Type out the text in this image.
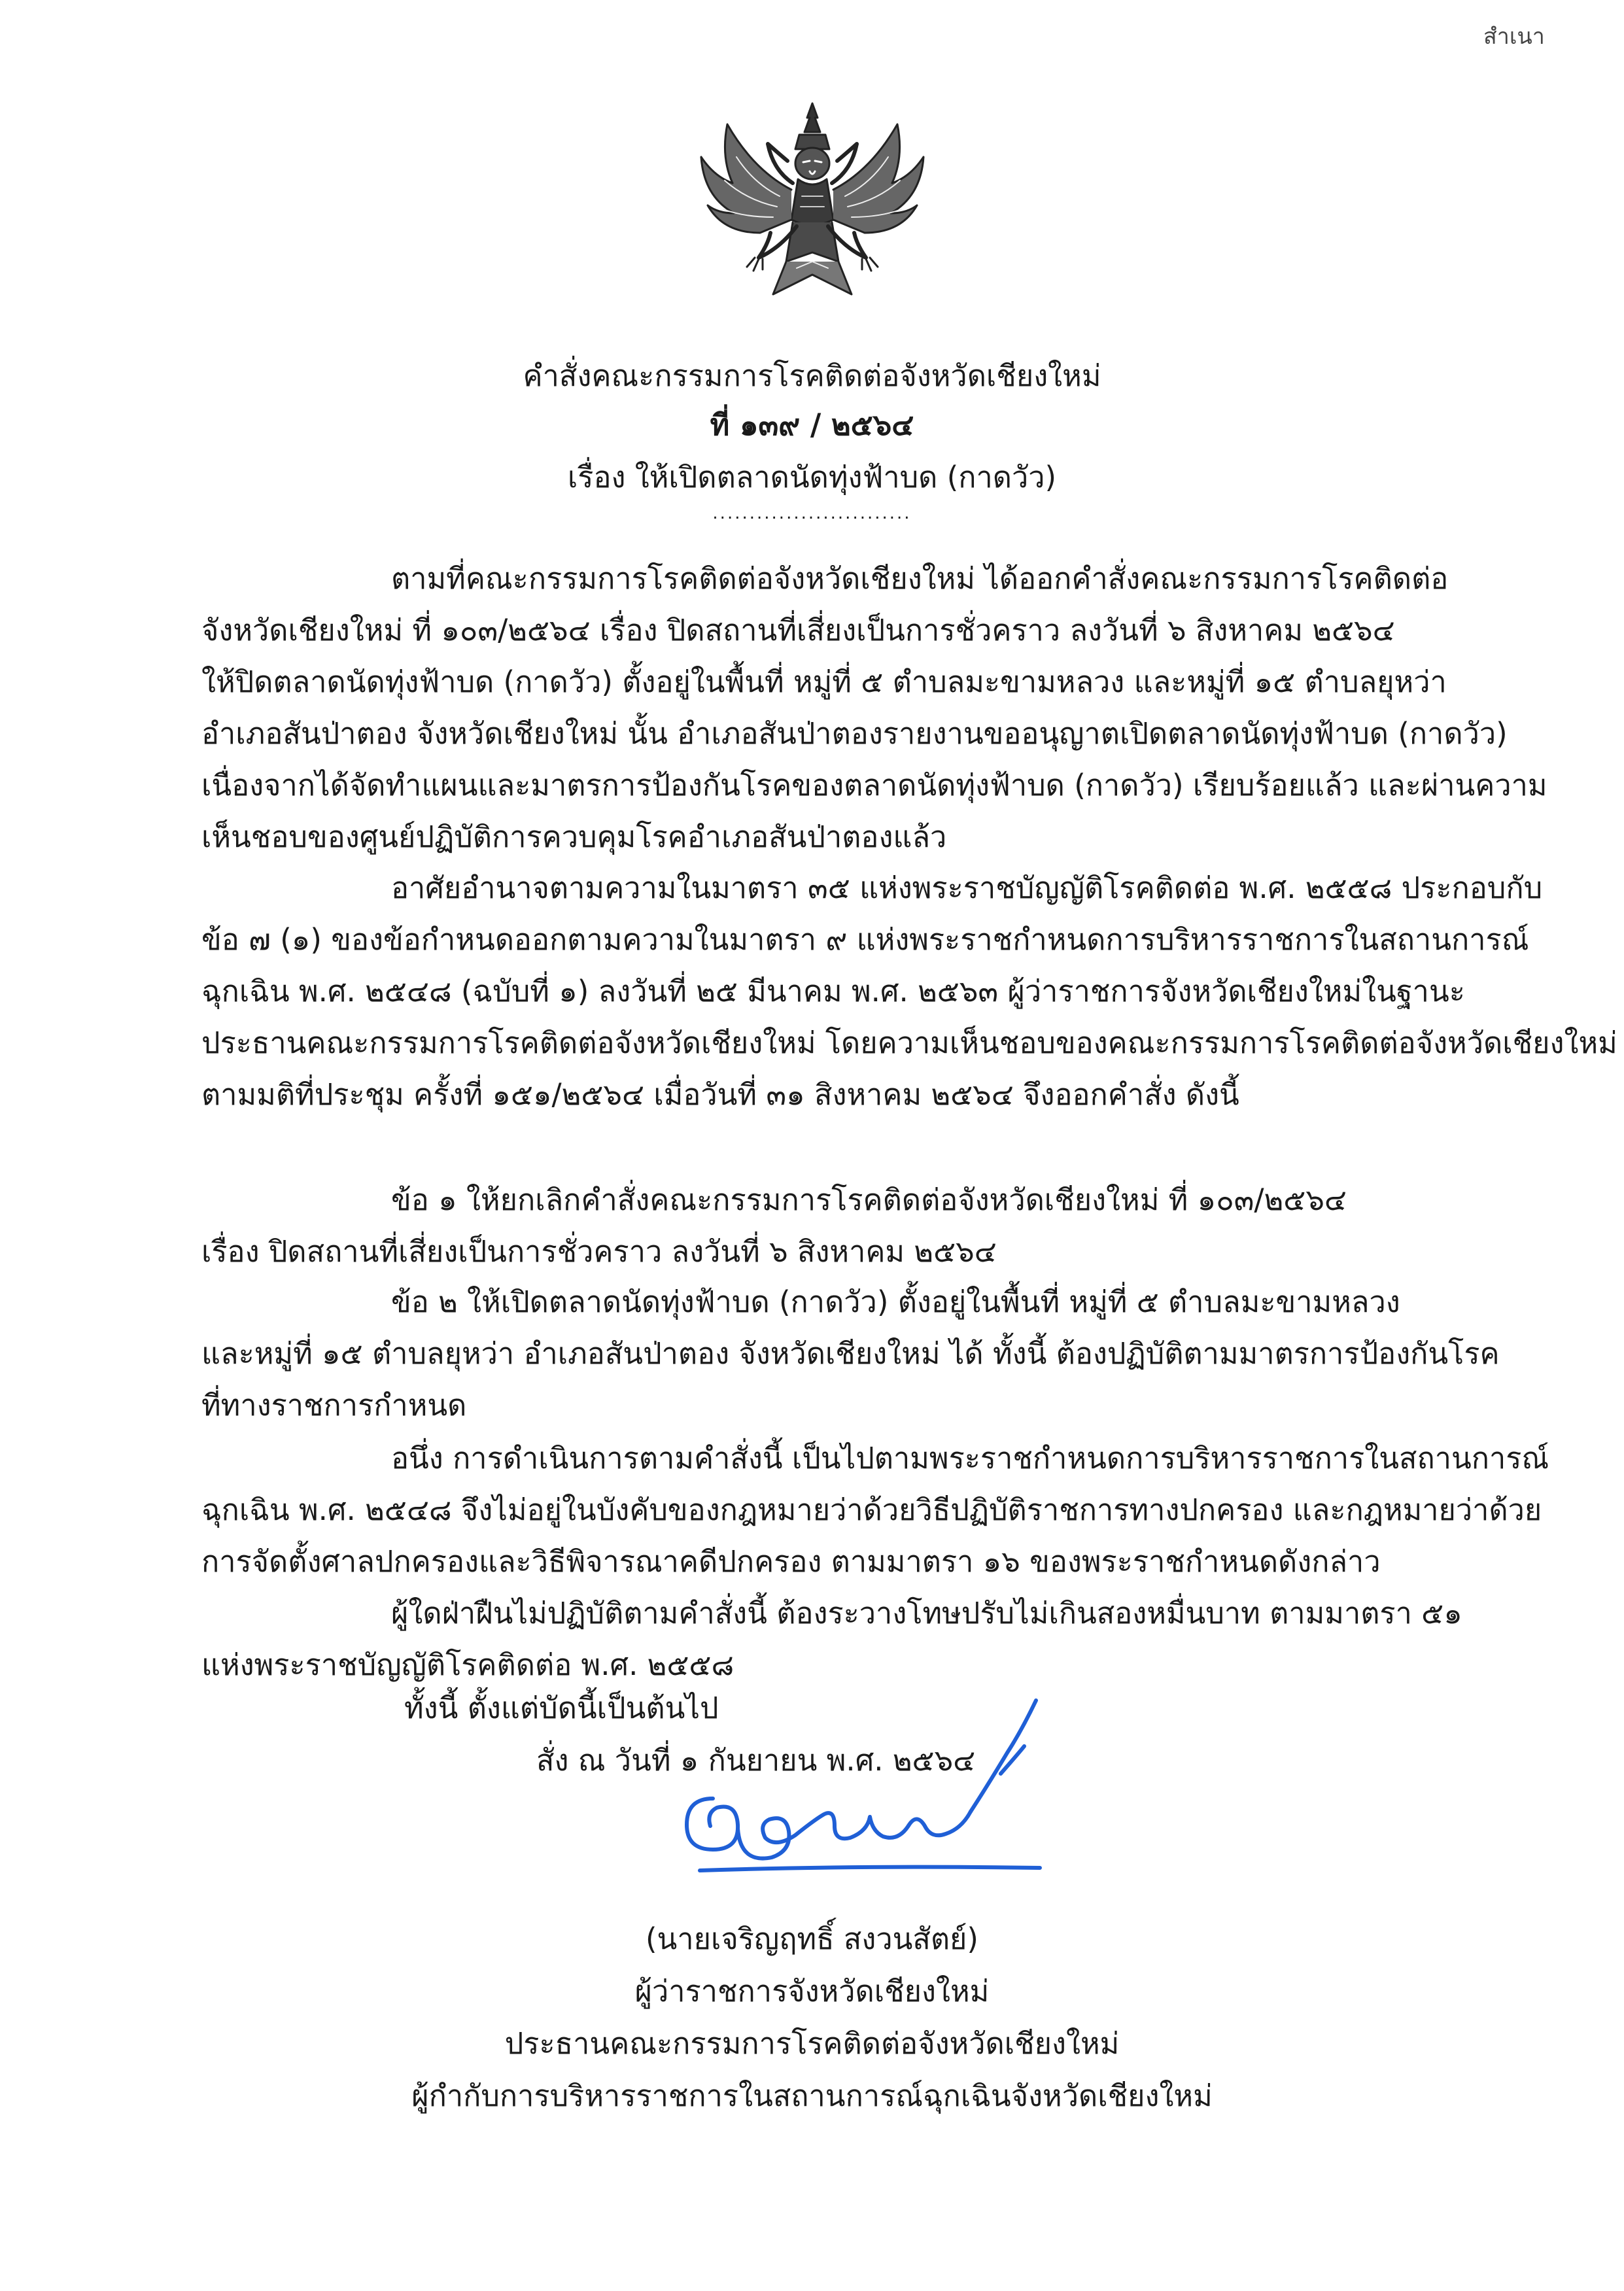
สำเนา
คำสั่งคณะกรรมการโรคติดต่อจังหวัดเชียงใหม่
ที่ ๑๓๙ / ๒๕๖๔
เรื่อง ให้เปิดตลาดนัดทุ่งฟ้าบด (กาดวัว)
...........................
ตามที่คณะกรรมการโรคติดต่อจังหวัดเชียงใหม่ ได้ออกคำสั่งคณะกรรมการโรคติดต่อ
จังหวัดเชียงใหม่ ที่ ๑๐๓/๒๕๖๔ เรื่อง ปิดสถานที่เสี่ยงเป็นการชั่วคราว ลงวันที่ ๖ สิงหาคม ๒๕๖๔
ให้ปิดตลาดนัดทุ่งฟ้าบด (กาดวัว) ตั้งอยู่ในพื้นที่ หมู่ที่ ๕ ตำบลมะขามหลวง และหมู่ที่ ๑๕ ตำบลยุหว่า
อำเภอสันป่าตอง จังหวัดเชียงใหม่ นั้น อำเภอสันป่าตองรายงานขออนุญาตเปิดตลาดนัดทุ่งฟ้าบด (กาดวัว)
เนื่องจากได้จัดทำแผนและมาตรการป้องกันโรคของตลาดนัดทุ่งฟ้าบด (กาดวัว) เรียบร้อยแล้ว และผ่านความ
เห็นชอบของศูนย์ปฏิบัติการควบคุมโรคอำเภอสันป่าตองแล้ว
อาศัยอำนาจตามความในมาตรา ๓๕ แห่งพระราชบัญญัติโรคติดต่อ พ.ศ. ๒๕๕๘ ประกอบกับ
ข้อ ๗ (๑) ของข้อกำหนดออกตามความในมาตรา ๙ แห่งพระราชกำหนดการบริหารราชการในสถานการณ์
ฉุกเฉิน พ.ศ. ๒๕๔๘ (ฉบับที่ ๑) ลงวันที่ ๒๕ มีนาคม พ.ศ. ๒๕๖๓ ผู้ว่าราชการจังหวัดเชียงใหม่ในฐานะ
ประธานคณะกรรมการโรคติดต่อจังหวัดเชียงใหม่ โดยความเห็นชอบของคณะกรรมการโรคติดต่อจังหวัดเชียงใหม่
ตามมติที่ประชุม ครั้งที่ ๑๕๑/๒๕๖๔ เมื่อวันที่ ๓๑ สิงหาคม ๒๕๖๔ จึงออกคำสั่ง ดังนี้
ข้อ ๑ ให้ยกเลิกคำสั่งคณะกรรมการโรคติดต่อจังหวัดเชียงใหม่ ที่ ๑๐๓/๒๕๖๔
เรื่อง ปิดสถานที่เสี่ยงเป็นการชั่วคราว ลงวันที่ ๖ สิงหาคม ๒๕๖๔
ข้อ ๒ ให้เปิดตลาดนัดทุ่งฟ้าบด (กาดวัว) ตั้งอยู่ในพื้นที่ หมู่ที่ ๕ ตำบลมะขามหลวง
และหมู่ที่ ๑๕ ตำบลยุหว่า อำเภอสันป่าตอง จังหวัดเชียงใหม่ ได้ ทั้งนี้ ต้องปฏิบัติตามมาตรการป้องกันโรค
ที่ทางราชการกำหนด
อนึ่ง การดำเนินการตามคำสั่งนี้ เป็นไปตามพระราชกำหนดการบริหารราชการในสถานการณ์
ฉุกเฉิน พ.ศ. ๒๕๔๘ จึงไม่อยู่ในบังคับของกฎหมายว่าด้วยวิธีปฏิบัติราชการทางปกครอง และกฎหมายว่าด้วย
การจัดตั้งศาลปกครองและวิธีพิจารณาคดีปกครอง ตามมาตรา ๑๖ ของพระราชกำหนดดังกล่าว
ผู้ใดฝ่าฝืนไม่ปฏิบัติตามคำสั่งนี้ ต้องระวางโทษปรับไม่เกินสองหมื่นบาท ตามมาตรา ๕๑
แห่งพระราชบัญญัติโรคติดต่อ พ.ศ. ๒๕๕๘
ทั้งนี้ ตั้งแต่บัดนี้เป็นต้นไป
สั่ง ณ วันที่ ๑ กันยายน พ.ศ. ๒๕๖๔
(นายเจริญฤทธิ์ สงวนสัตย์)
ผู้ว่าราชการจังหวัดเชียงใหม่
ประธานคณะกรรมการโรคติดต่อจังหวัดเชียงใหม่
ผู้กำกับการบริหารราชการในสถานการณ์ฉุกเฉินจังหวัดเชียงใหม่
